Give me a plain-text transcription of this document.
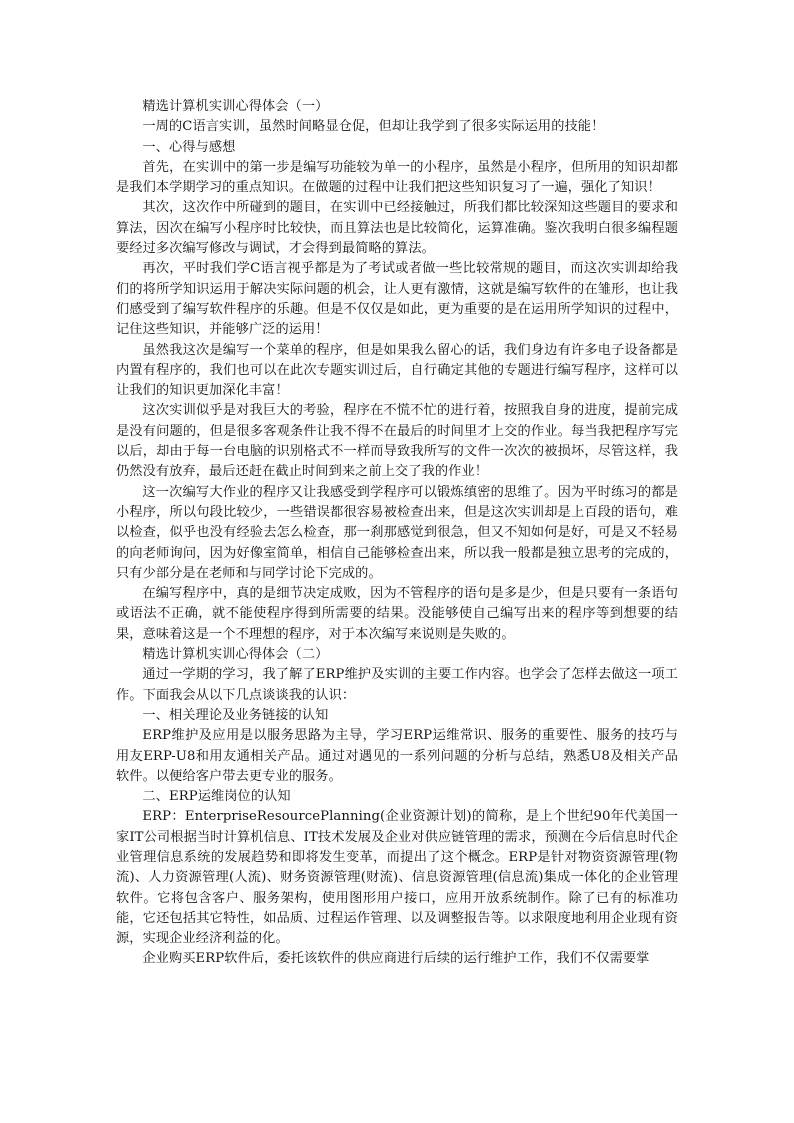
精选计算机实训心得体会（一）

一周的C语言实训，虽然时间略显仓促，但却让我学到了很多实际运用的技能！

一、心得与感想

首先，在实训中的第一步是编写功能较为单一的小程序，虽然是小程序，但所用的知识却都是我们本学期学习的重点知识。在做题的过程中让我们把这些知识复习了一遍，强化了知识！

其次，这次作中所碰到的题目，在实训中已经接触过，所我们都比较深知这些题目的要求和算法，因次在编写小程序时比较快，而且算法也是比较简化，运算准确。鉴次我明白很多编程题要经过多次编写修改与调试，才会得到最简略的算法。

再次，平时我们学C语言视乎都是为了考试或者做一些比较常规的题目，而这次实训却给我们的将所学知识运用于解决实际问题的机会，让人更有激情，这就是编写软件的在雏形，也让我们感受到了编写软件程序的乐趣。但是不仅仅是如此，更为重要的是在运用所学知识的过程中，记住这些知识，并能够广泛的运用！

虽然我这次是编写一个菜单的程序，但是如果我么留心的话，我们身边有许多电子设备都是内置有程序的，我们也可以在此次专题实训过后，自行确定其他的专题进行编写程序，这样可以让我们的知识更加深化丰富！

这次实训似乎是对我巨大的考验，程序在不慌不忙的进行着，按照我自身的进度，提前完成是没有问题的，但是很多客观条件让我不得不在最后的时间里才上交的作业。每当我把程序写完以后，却由于每一台电脑的识别格式不一样而导致我所写的文件一次次的被损坏，尽管这样，我仍然没有放弃，最后还赶在截止时间到来之前上交了我的作业！

这一次编写大作业的程序又让我感受到学程序可以锻炼缜密的思维了。因为平时练习的都是小程序，所以句段比较少，一些错误都很容易被检查出来，但是这次实训却是上百段的语句，难以检查，似乎也没有经验去怎么检查，那一刹那感觉到很急，但又不知如何是好，可是又不轻易的向老师询问，因为好像室简单，相信自己能够检查出来，所以我一般都是独立思考的完成的，只有少部分是在老师和与同学讨论下完成的。

在编写程序中，真的是细节决定成败，因为不管程序的语句是多是少，但是只要有一条语句或语法不正确，就不能使程序得到所需要的结果。没能够使自己编写出来的程序等到想要的结果，意味着这是一个不理想的程序，对于本次编写来说则是失败的。

精选计算机实训心得体会（二）

通过一学期的学习，我了解了ERP维护及实训的主要工作内容。也学会了怎样去做这一项工作。下面我会从以下几点谈谈我的认识：

一、相关理论及业务链接的认知

ERP维护及应用是以服务思路为主导，学习ERP运维常识、服务的重要性、服务的技巧与用友ERP-U8和用友通相关产品。通过对遇见的一系列问题的分析与总结，熟悉U8及相关产品软件。以便给客户带去更专业的服务。

二、ERP运维岗位的认知

ERP：EnterpriseResourcePlanning(企业资源计划)的简称，是上个世纪90年代美国一家IT公司根据当时计算机信息、IT技术发展及企业对供应链管理的需求，预测在今后信息时代企业管理信息系统的发展趋势和即将发生变革，而提出了这个概念。ERP是针对物资资源管理(物流)、人力资源管理(人流)、财务资源管理(财流)、信息资源管理(信息流)集成一体化的企业管理软件。它将包含客户、服务架构，使用图形用户接口，应用开放系统制作。除了已有的标准功能，它还包括其它特性，如品质、过程运作管理、以及调整报告等。以求限度地利用企业现有资源，实现企业经济利益的化。

企业购买ERP软件后，委托该软件的供应商进行后续的运行维护工作，我们不仅需要掌
